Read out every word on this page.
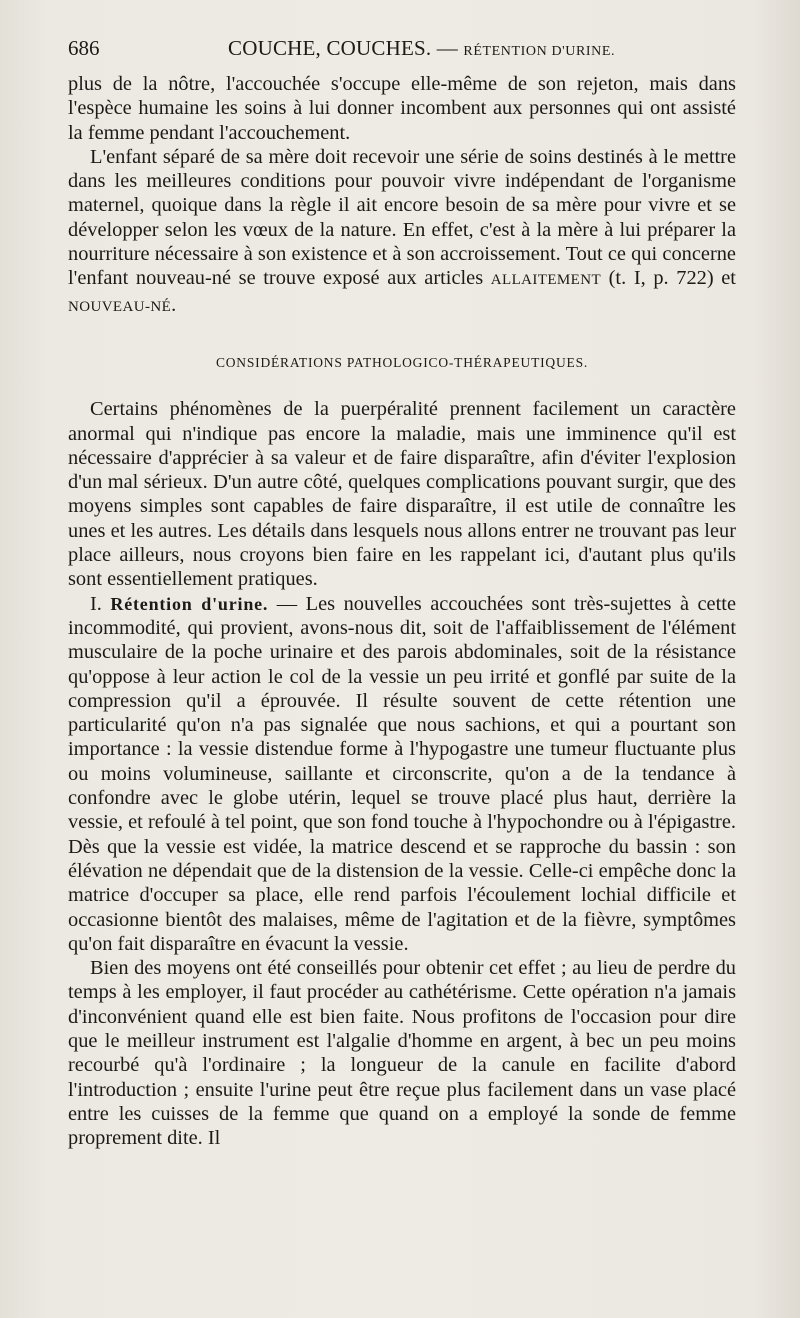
686	COUCHE, COUCHES. — RÉTENTION D'URINE.

plus de la nôtre, l'accouchée s'occupe elle-même de son rejeton, mais dans l'espèce humaine les soins à lui donner incombent aux personnes qui ont assisté la femme pendant l'accouchement.

L'enfant séparé de sa mère doit recevoir une série de soins destinés à le mettre dans les meilleures conditions pour pouvoir vivre indépendant de l'organisme maternel, quoique dans la règle il ait encore besoin de sa mère pour vivre et se développer selon les vœux de la nature. En effet, c'est à la mère à lui préparer la nourriture nécessaire à son existence et à son accroissement. Tout ce qui concerne l'enfant nouveau-né se trouve exposé aux articles ALLAITEMENT (t. I, p. 722) et NOUVEAU-NÉ.

CONSIDÉRATIONS PATHOLOGICO-THÉRAPEUTIQUES.

Certains phénomènes de la puerpéralité prennent facilement un caractère anormal qui n'indique pas encore la maladie, mais une imminence qu'il est nécessaire d'apprécier à sa valeur et de faire disparaître, afin d'éviter l'explosion d'un mal sérieux. D'un autre côté, quelques complications pouvant surgir, que des moyens simples sont capables de faire disparaître, il est utile de connaître les unes et les autres. Les détails dans lesquels nous allons entrer ne trouvant pas leur place ailleurs, nous croyons bien faire en les rappelant ici, d'autant plus qu'ils sont essentiellement pratiques.

I. Rétention d'urine. — Les nouvelles accouchées sont très-sujettes à cette incommodité, qui provient, avons-nous dit, soit de l'affaiblissement de l'élément musculaire de la poche urinaire et des parois abdominales, soit de la résistance qu'oppose à leur action le col de la vessie un peu irrité et gonflé par suite de la compression qu'il a éprouvée. Il résulte souvent de cette rétention une particularité qu'on n'a pas signalée que nous sachions, et qui a pourtant son importance : la vessie distendue forme à l'hypogastre une tumeur fluctuante plus ou moins volumineuse, saillante et circonscrite, qu'on a de la tendance à confondre avec le globe utérin, lequel se trouve placé plus haut, derrière la vessie, et refoulé à tel point, que son fond touche à l'hypochondre ou à l'épigastre. Dès que la vessie est vidée, la matrice descend et se rapproche du bassin : son élévation ne dépendait que de la distension de la vessie. Celle-ci empêche donc la matrice d'occuper sa place, elle rend parfois l'écoulement lochial difficile et occasionne bientôt des malaises, même de l'agitation et de la fièvre, symptômes qu'on fait disparaître en évacunt la vessie.

Bien des moyens ont été conseillés pour obtenir cet effet ; au lieu de perdre du temps à les employer, il faut procéder au cathétérisme. Cette opération n'a jamais d'inconvénient quand elle est bien faite. Nous profitons de l'occasion pour dire que le meilleur instrument est l'algalie d'homme en argent, à bec un peu moins recourbé qu'à l'ordinaire ; la longueur de la canule en facilite d'abord l'introduction ; ensuite l'urine peut être reçue plus facilement dans un vase placé entre les cuisses de la femme que quand on a employé la sonde de femme proprement dite. Il
